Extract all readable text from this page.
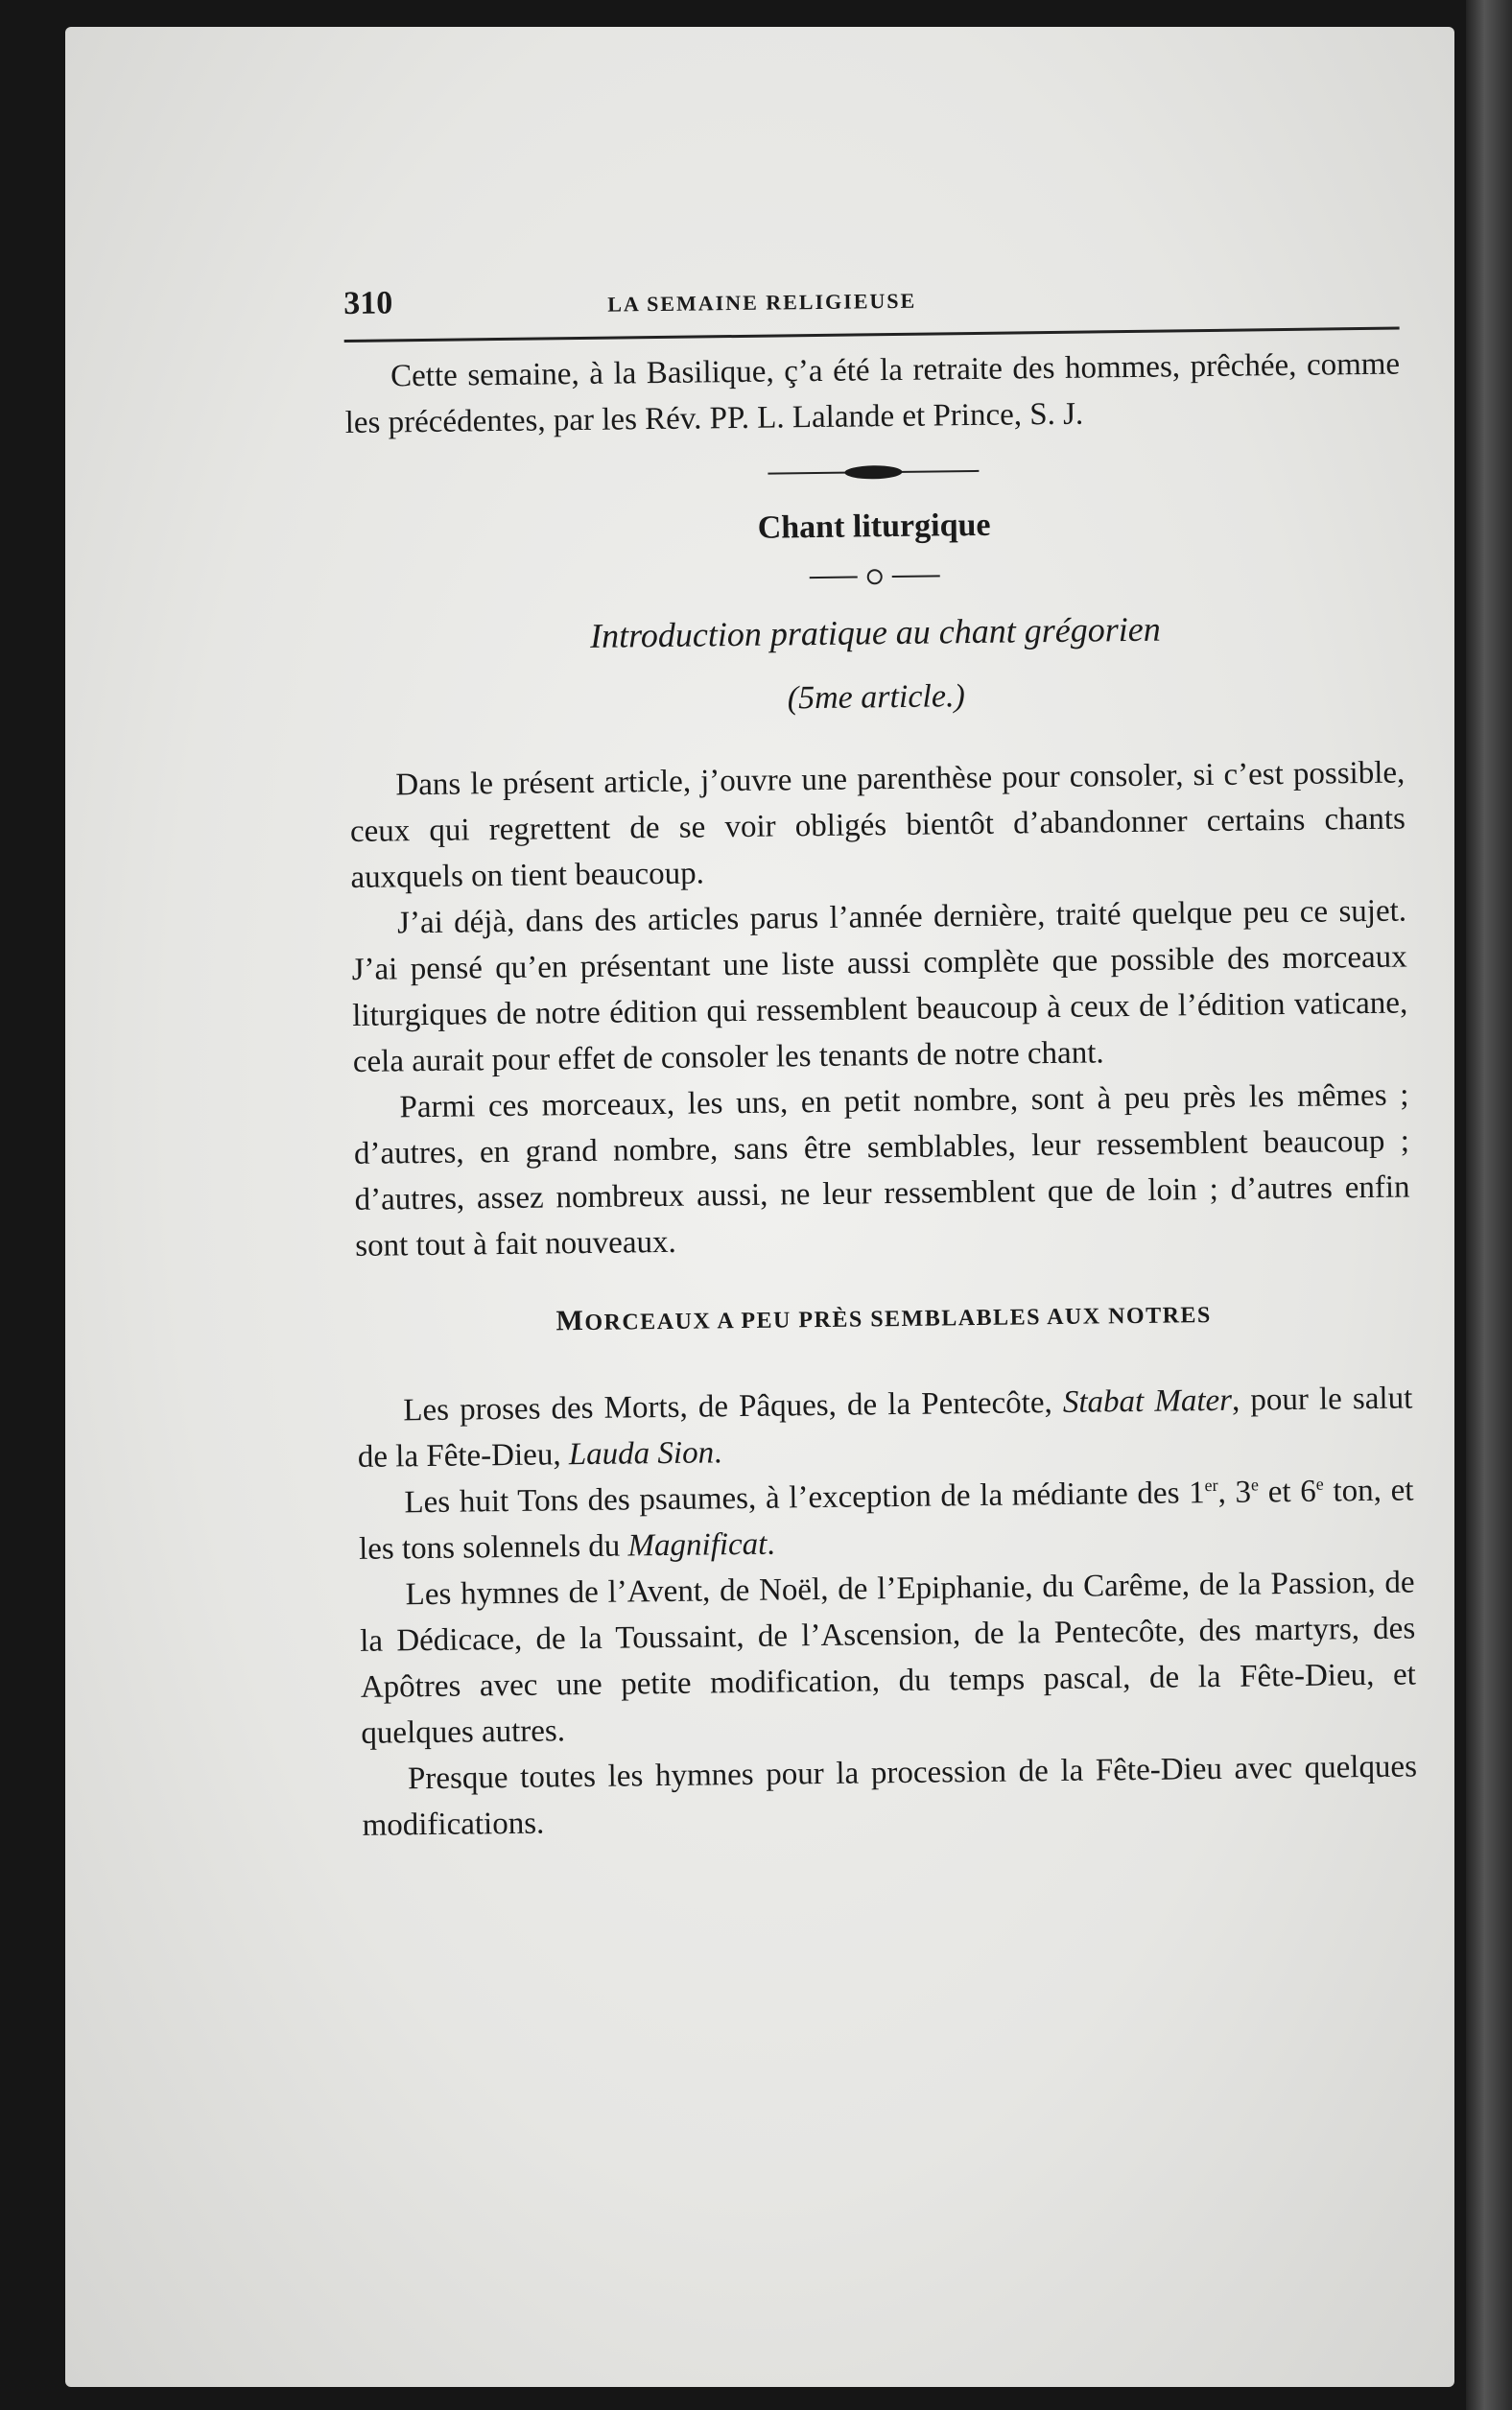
310	LA SEMAINE RELIGIEUSE

Cette semaine, à la Basilique, ç’a été la retraite des hommes, prêchée, comme les précédentes, par les Rév. PP. L. Lalande et Prince, S. J.

Chant liturgique
Introduction pratique au chant grégorien
(5me article.)

Dans le présent article, j’ouvre une parenthèse pour consoler, si c’est possible, ceux qui regrettent de se voir obligés bientôt d’abandonner certains chants auxquels on tient beaucoup.

J’ai déjà, dans des articles parus l’année dernière, traité quelque peu ce sujet. J’ai pensé qu’en présentant une liste aussi complète que possible des morceaux liturgiques de notre édition qui ressemblent beaucoup à ceux de l’édition vaticane, cela aurait pour effet de consoler les tenants de notre chant.

Parmi ces morceaux, les uns, en petit nombre, sont à peu près les mêmes ; d’autres, en grand nombre, sans être semblables, leur ressemblent beaucoup ; d’autres, assez nombreux aussi, ne leur ressemblent que de loin ; d’autres enfin sont tout à fait nouveaux.

MORCEAUX A PEU PRÈS SEMBLABLES AUX NOTRES

Les proses des Morts, de Pâques, de la Pentecôte, Stabat Mater, pour le salut de la Fête-Dieu, Lauda Sion.

Les huit Tons des psaumes, à l’exception de la médiante des 1er, 3e et 6e ton, et les tons solennels du Magnificat.

Les hymnes de l’Avent, de Noël, de l’Epiphanie, du Carême, de la Passion, de la Dédicace, de la Toussaint, de l’Ascension, de la Pentecôte, des martyrs, des Apôtres avec une petite modification, du temps pascal, de la Fête-Dieu, et quelques autres.

Presque toutes les hymnes pour la procession de la Fête-Dieu avec quelques modifications.
